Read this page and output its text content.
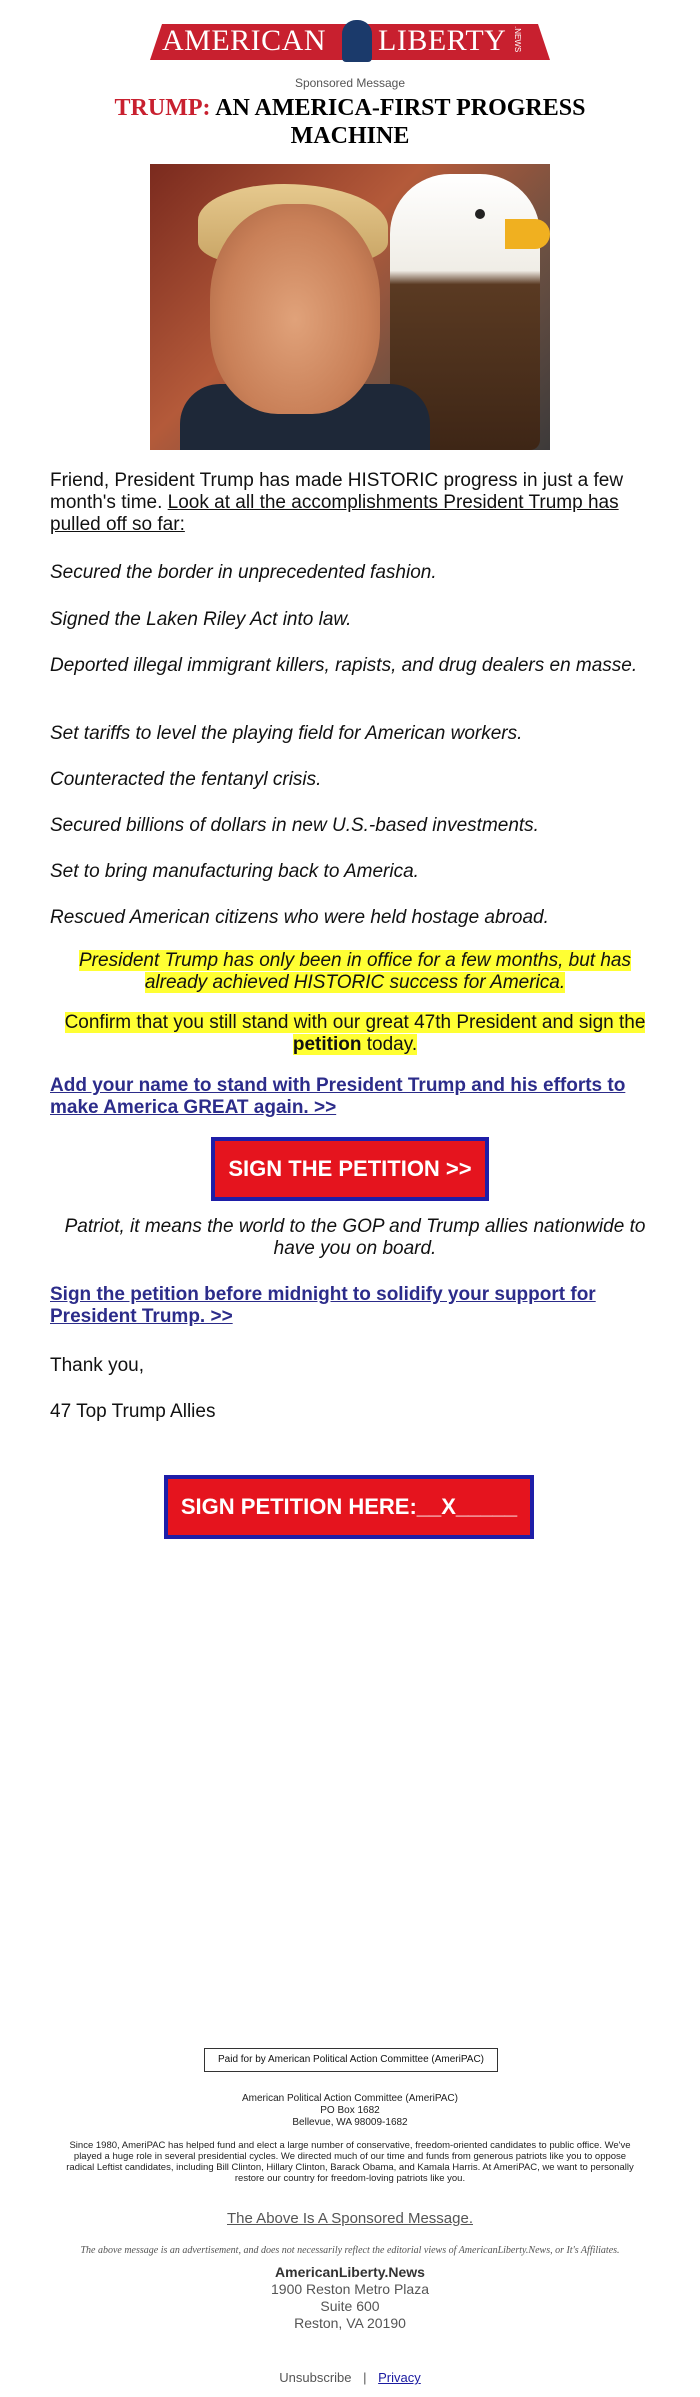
AMERICAN LIBERTY .NEWS
Sponsored Message
TRUMP: AN AMERICA-FIRST PROGRESS MACHINE
Friend, President Trump has made HISTORIC progress in just a few month's time. Look at all the accomplishments President Trump has pulled off so far:
Secured the border in unprecedented fashion.
Signed the Laken Riley Act into law.
Deported illegal immigrant killers, rapists, and drug dealers en masse.
Set tariffs to level the playing field for American workers.
Counteracted the fentanyl crisis.
Secured billions of dollars in new U.S.-based investments.
Set to bring manufacturing back to America.
Rescued American citizens who were held hostage abroad.
President Trump has only been in office for a few months, but has already achieved HISTORIC success for America.
Confirm that you still stand with our great 47th President and sign the petition today.
Add your name to stand with President Trump and his efforts to make America GREAT again. >>
SIGN THE PETITION >>
Patriot, it means the world to the GOP and Trump allies nationwide to have you on board.
Sign the petition before midnight to solidify your support for President Trump. >>
Thank you,
47 Top Trump Allies
SIGN PETITION HERE:__X_____
Paid for by American Political Action Committee (AmeriPAC)
American Political Action Committee (AmeriPAC)
PO Box 1682
Bellevue, WA 98009-1682
Since 1980, AmeriPAC has helped fund and elect a large number of conservative, freedom-oriented candidates to public office. We've played a huge role in several presidential cycles. We directed much of our time and funds from generous patriots like you to oppose radical Leftist candidates, including Bill Clinton, Hillary Clinton, Barack Obama, and Kamala Harris. At AmeriPAC, we want to personally restore our country for freedom-loving patriots like you.
The Above Is A Sponsored Message.
The above message is an advertisement, and does not necessarily reflect the editorial views of AmericanLiberty.News, or It's Affiliates.
AmericanLiberty.News
1900 Reston Metro Plaza
Suite 600
Reston, VA 20190
Unsubscribe | Privacy
